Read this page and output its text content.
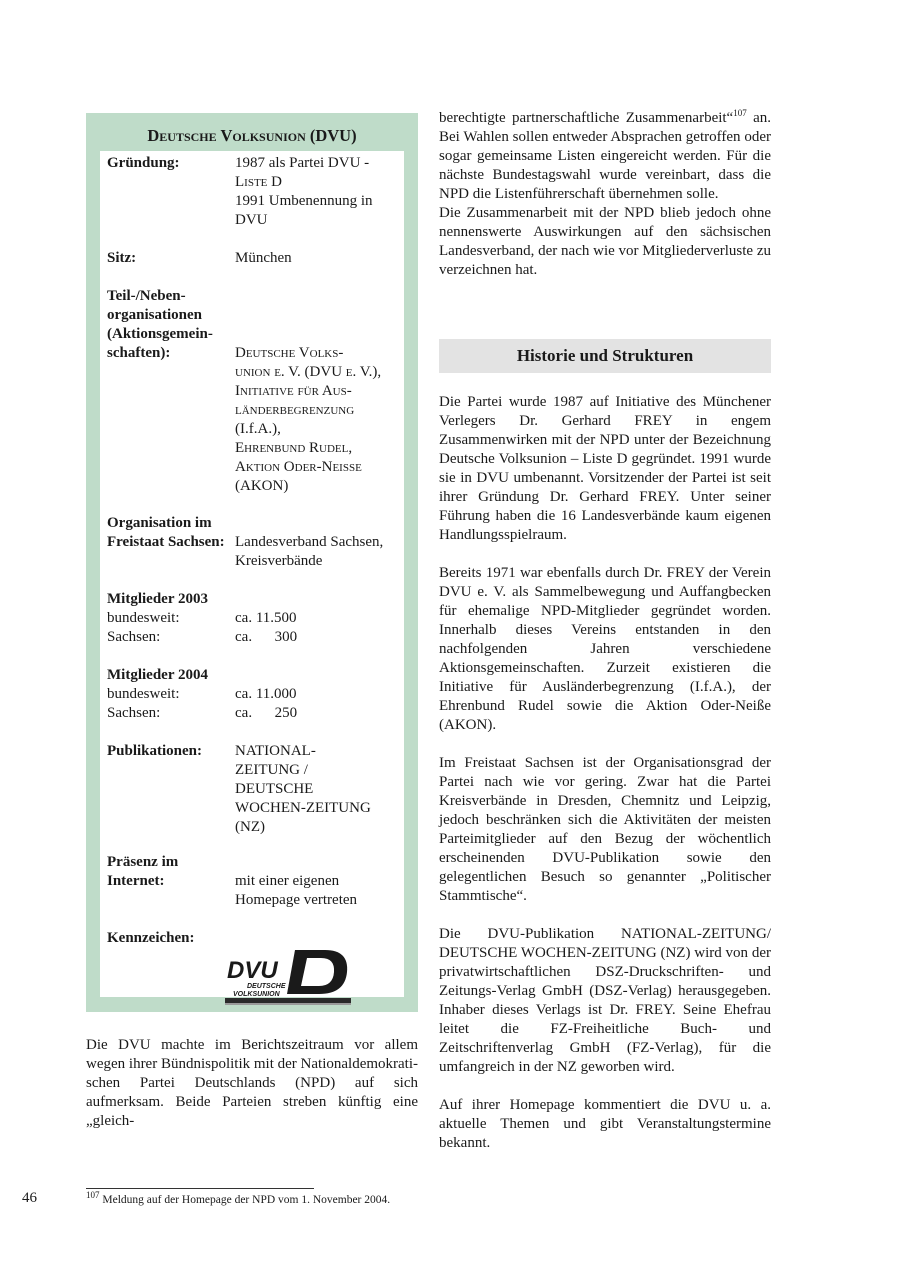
Deutsche Volksunion (DVU)
Gründung:	1987 als Partei DVU -
Liste D
1991 Umbenennung in
DVU
Sitz:	München
Teil-/Neben-
organisationen
(Aktionsgemein-
schaften):	Deutsche Volks-
union e. V. (DVU e. V.),
Initiative für Aus-
länderbegrenzung
(I.f.A.),
Ehrenbund Rudel,
Aktion Oder-Neiße
(AKON)
Organisation im
Freistaat Sachsen: Landesverband Sachsen,
Kreisverbände
Mitglieder 2003
bundesweit:	ca. 11.500
Sachsen:	ca.      300
Mitglieder 2004
bundesweit:	ca. 11.000
Sachsen:	ca.      250
Publikationen:	NATIONAL-
ZEITUNG /
DEUTSCHE
WOCHEN-ZEITUNG
(NZ)
Präsenz im
Internet:	mit einer eigenen
Homepage vertreten
Kennzeichen:
DVU
DEUTSCHE
VOLKSUNION

Die DVU machte im Berichtszeitraum vor allem wegen ihrer Bündnispolitik mit der Nationaldemokrati-schen Partei Deutschlands (NPD) auf sich aufmerksam. Beide Parteien streben künftig eine „gleich-

berechtigte partnerschaftliche Zusammenarbeit“$^{107}$ an. Bei Wahlen sollen entweder Absprachen getroffen oder sogar gemeinsame Listen eingereicht werden. Für die nächste Bundestagswahl wurde vereinbart, dass die NPD die Listenführerschaft übernehmen solle.

Die Zusammenarbeit mit der NPD blieb jedoch ohne nennenswerte Auswirkungen auf den sächsischen Landesverband, der nach wie vor Mitgliederverluste zu verzeichnen hat.

Historie und Strukturen

Die Partei wurde 1987 auf Initiative des Münchener Verlegers Dr. Gerhard FREY in engem Zusammenwirken mit der NPD unter der Bezeichnung Deutsche Volksunion – Liste D gegründet. 1991 wurde sie in DVU umbenannt. Vorsitzender der Partei ist seit ihrer Gründung Dr. Gerhard FREY. Unter seiner Führung haben die 16 Landesverbände kaum eigenen Handlungsspielraum.

Bereits 1971 war ebenfalls durch Dr. FREY der Verein DVU e. V. als Sammelbewegung und Auffangbecken für ehemalige NPD-Mitglieder gegründet worden. Innerhalb dieses Vereins entstanden in den nachfolgenden Jahren verschiedene Aktionsgemeinschaften. Zurzeit existieren die Initiative für Ausländerbegrenzung (I.f.A.), der Ehrenbund Rudel sowie die Aktion Oder-Neiße (AKON).

Im Freistaat Sachsen ist der Organisationsgrad der Partei nach wie vor gering. Zwar hat die Partei Kreisverbände in Dresden, Chemnitz und Leipzig, jedoch beschränken sich die Aktivitäten der meisten Parteimitglieder auf den Bezug der wöchentlich erscheinenden DVU-Publikation sowie den gelegentlichen Besuch so genannter „Politischer Stammtische“.

Die DVU-Publikation NATIONAL-ZEITUNG/ DEUTSCHE WOCHEN-ZEITUNG (NZ) wird von der privatwirtschaftlichen DSZ-Druckschriften- und Zeitungs-Verlag GmbH (DSZ-Verlag) herausgegeben. Inhaber dieses Verlags ist Dr. FREY. Seine Ehefrau leitet die FZ-Freiheitliche Buch- und Zeitschriftenverlag GmbH (FZ-Verlag), für die umfangreich in der NZ geworben wird.

Auf ihrer Homepage kommentiert die DVU u. a. aktuelle Themen und gibt Veranstaltungstermine bekannt.

$^{107}$ Meldung auf der Homepage der NPD vom 1. November 2004.
46
